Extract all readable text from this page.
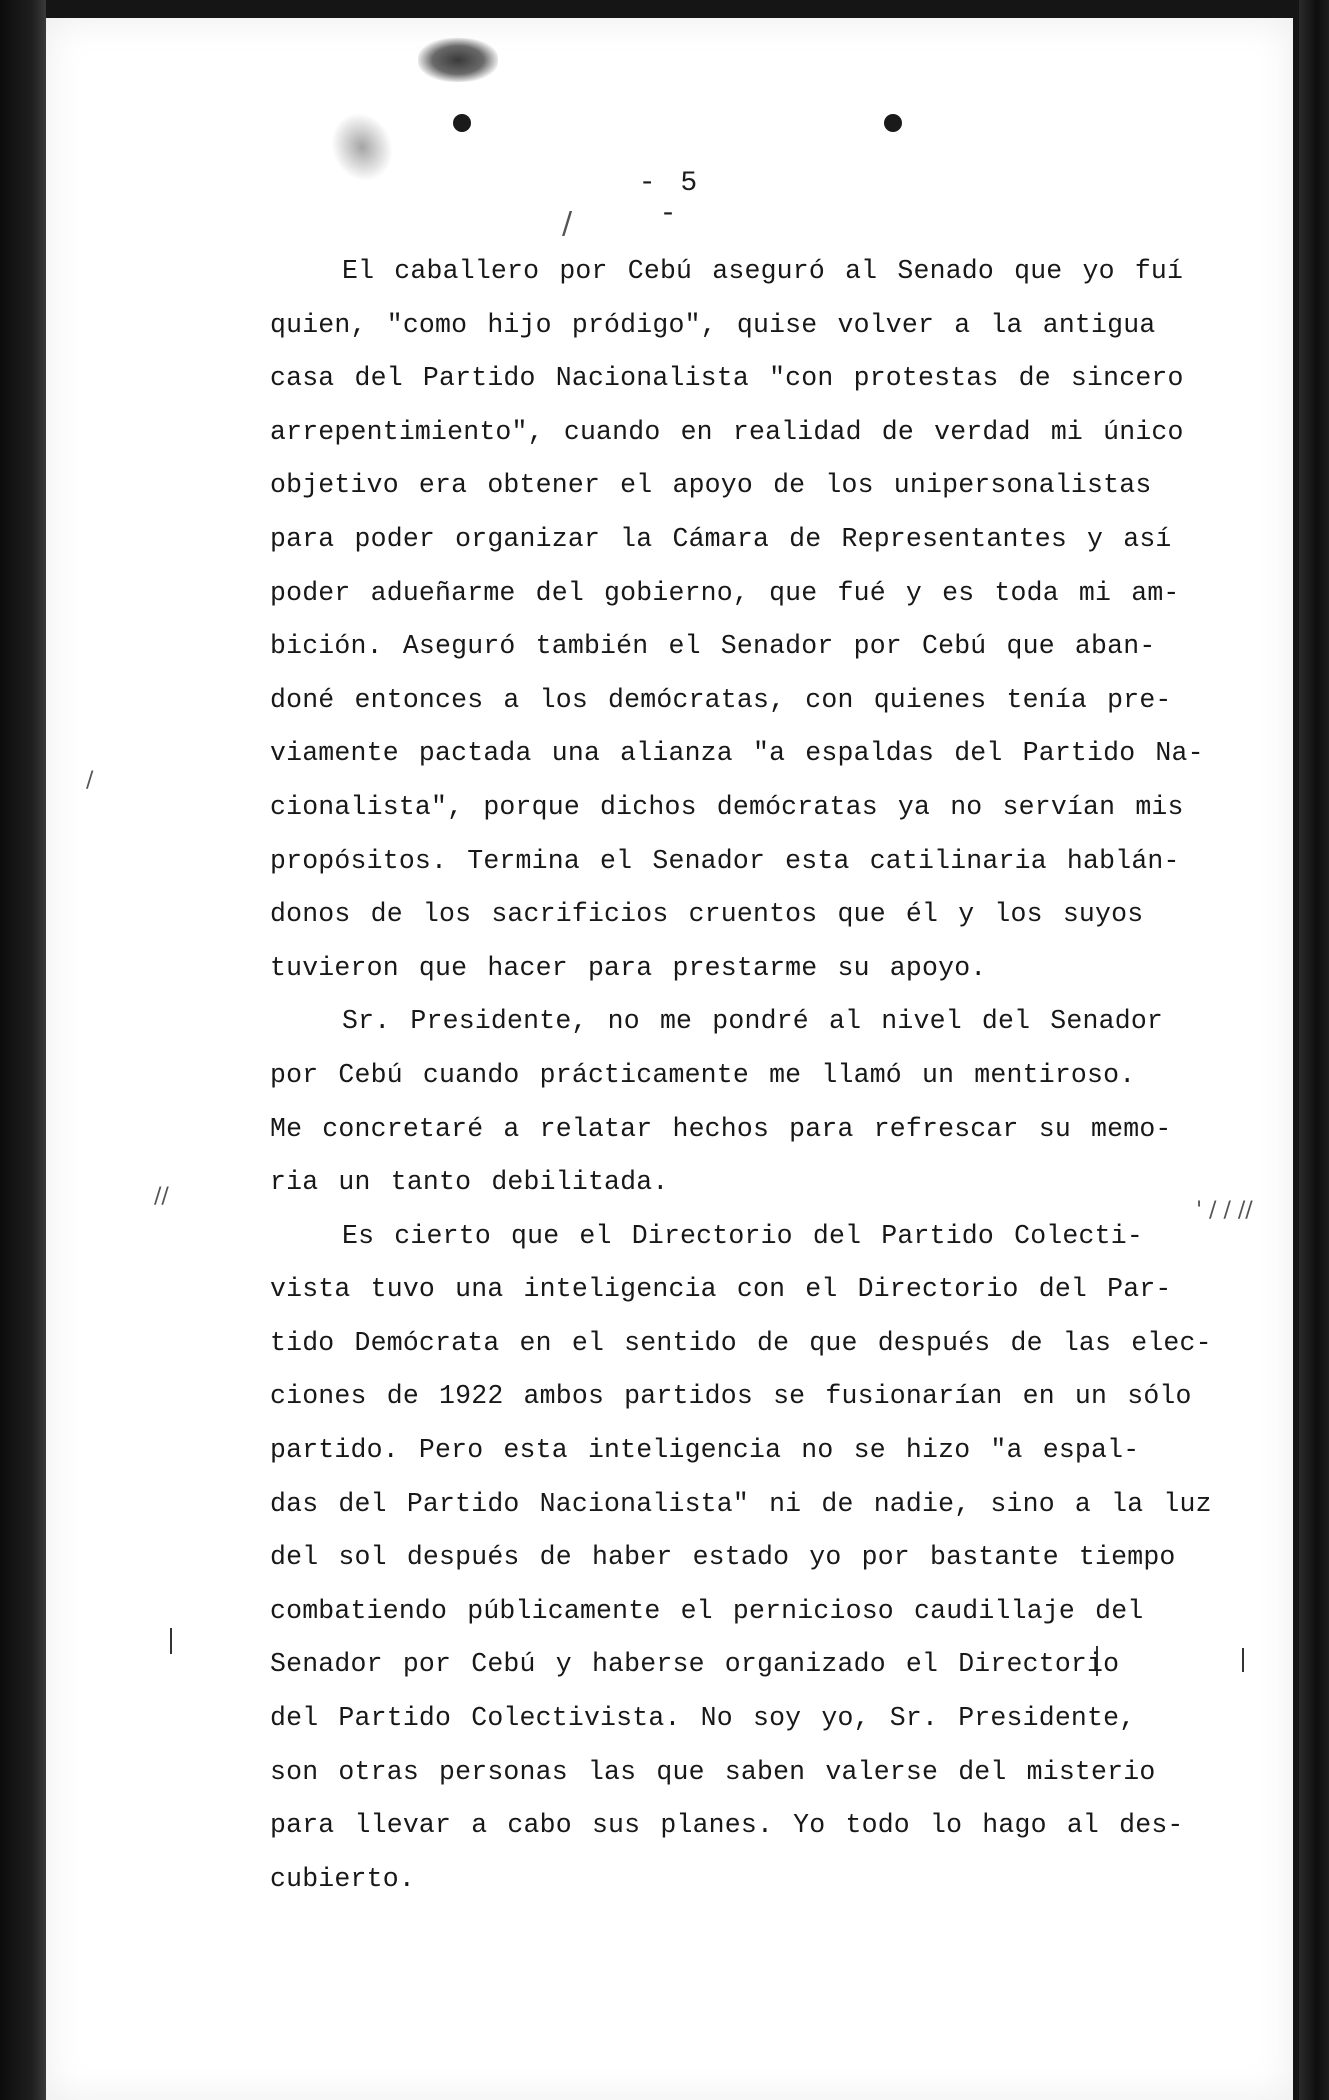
/
/
//
' / / //
- 5 -
El caballero por Cebú aseguró al Senado que yo fuí
quien, "como hijo pródigo", quise volver a la antigua
casa del Partido Nacionalista "con protestas de sincero
arrepentimiento", cuando en realidad de verdad mi único
objetivo era obtener el apoyo de los unipersonalistas
para poder organizar la Cámara de Representantes y así
poder adueñarme del gobierno, que fué y es toda mi am-
bición. Aseguró también el Senador por Cebú que aban-
doné entonces a los demócratas, con quienes tenía pre-
viamente pactada una alianza "a espaldas del Partido Na-
cionalista", porque dichos demócratas ya no servían mis
propósitos. Termina el Senador esta catilinaria hablán-
donos de los sacrificios cruentos que él y los suyos
tuvieron que hacer para prestarme su apoyo.
Sr. Presidente, no me pondré al nivel del Senador
por Cebú cuando prácticamente me llamó un mentiroso.
Me concretaré a relatar hechos para refrescar su memo-
ria un tanto debilitada.
Es cierto que el Directorio del Partido Colecti-
vista tuvo una inteligencia con el Directorio del Par-
tido Demócrata en el sentido de que después de las elec-
ciones de 1922 ambos partidos se fusionarían en un sólo
partido. Pero esta inteligencia no se hizo "a espal-
das del Partido Nacionalista" ni de nadie, sino a la luz
del sol después de haber estado yo por bastante tiempo
combatiendo públicamente el pernicioso caudillaje del
Senador por Cebú y haberse organizado el Directorio
del Partido Colectivista. No soy yo, Sr. Presidente,
son otras personas las que saben valerse del misterio
para llevar a cabo sus planes. Yo todo lo hago al des-
cubierto.
